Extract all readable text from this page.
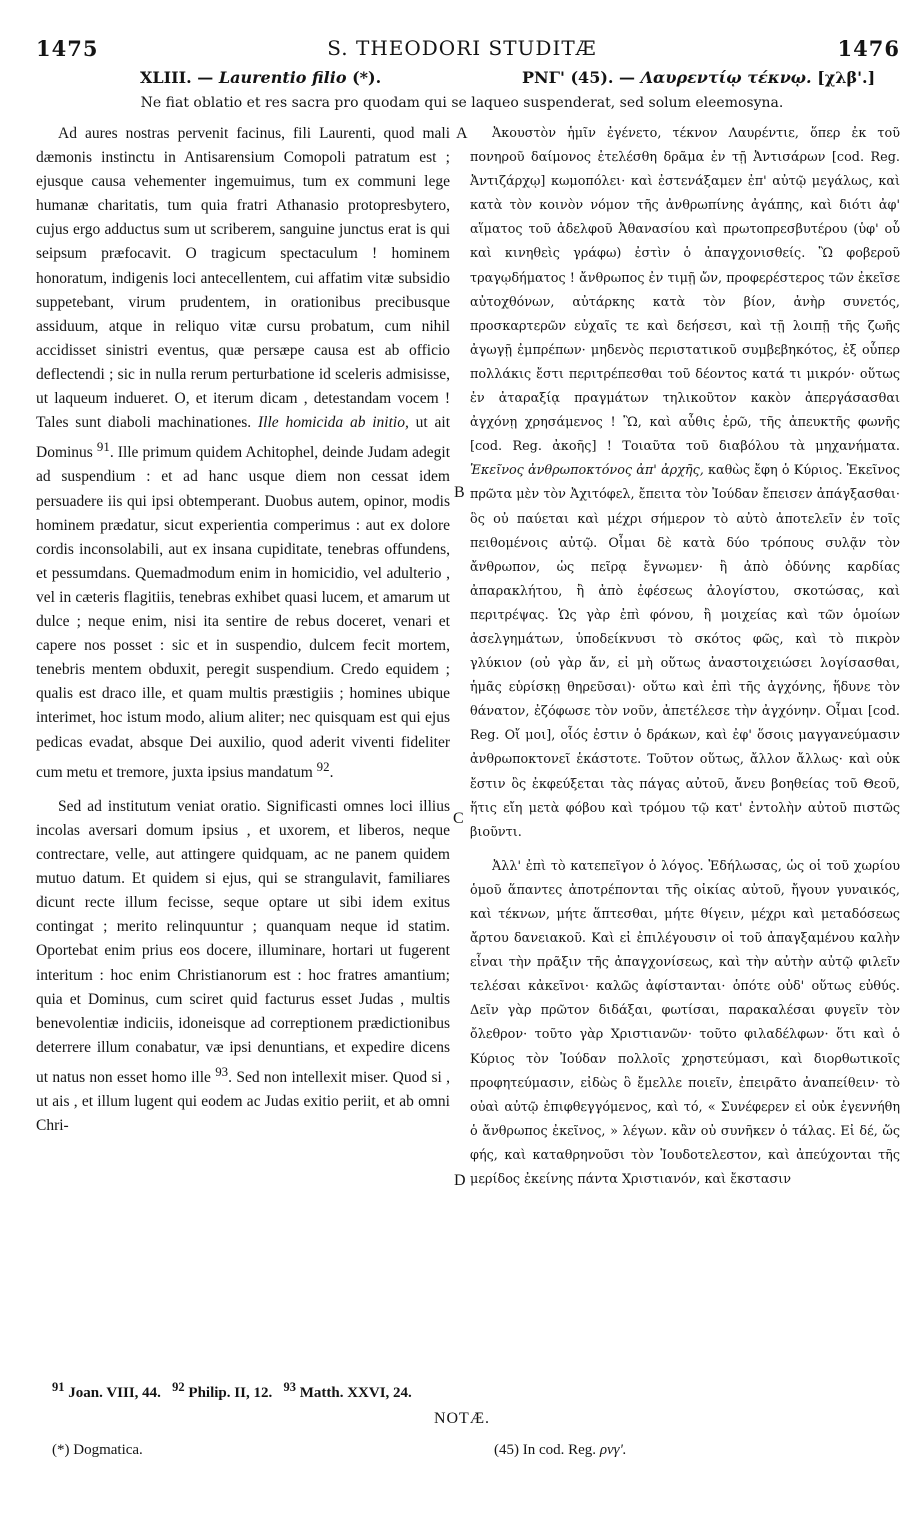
1475	S. THEODORI STUDITÆ	1476
XLIII. — Laurentio filio (*).	ΡΝΓ' (45). — Λαυρεντίῳ τέκνῳ. [χλβ'.]
Ne fiat oblatio et res sacra pro quodam qui se laqueo suspenderat, sed solum eleemosyna.

Ad aures nostras pervenit facinus, fili Laurenti, quod mali dæmonis instinctu in Antisarensium Comopoli patratum est ; ejusque causa vehementer ingemuimus, tum ex communi lege humanæ charitatis, tum quia fratri Athanasio protopresbytero, cujus ergo adductus sum ut scriberem, sanguine junctus erat is qui seipsum præfocavit. O tragicum spectaculum ! hominem honoratum, indigenis loci antecellentem, cui affatim vitæ subsidio suppetebant, virum prudentem, in orationibus precibusque assiduum, atque in reliquo vitæ cursu probatum, cum nihil accidisset sinistri eventus, quæ persæpe causa est ab officio deflectendi ; sic in nulla rerum perturbatione id sceleris admisisse, ut laqueum indueret. O, et iterum dicam , detestandam vocem ! Tales sunt diaboli machinationes. Ille homicida ab initio, ut ait Dominus $^{91}$. Ille primum quidem Achitophel, deinde Judam adegit ad suspendium : et ad hanc usque diem non cessat idem persuadere iis qui ipsi obtemperant. Duobus autem, opinor, modis hominem prædatur, sicut experientia comperimus : aut ex dolore cordis inconsolabili, aut ex insana cupiditate, tenebras offundens, et pessumdans. Quemadmodum enim in homicidio, vel adulterio , vel in cæteris flagitiis, tenebras exhibet quasi lucem, et amarum ut dulce ; neque enim, nisi ita sentire de rebus doceret, venari et capere nos posset : sic et in suspendio, dulcem fecit mortem, tenebris mentem obduxit, peregit suspendium. Credo equidem ; qualis est draco ille, et quam multis præstigiis ; homines ubique interimet, hoc istum modo, alium aliter; nec quisquam est qui ejus pedicas evadat, absque Dei auxilio, quod aderit viventi fideliter cum metu et tremore, juxta ipsius mandatum $^{92}$.

Sed ad institutum veniat oratio. Significasti omnes loci illius incolas aversari domum ipsius , et uxorem, et liberos, neque contrectare, velle, aut attingere quidquam, ac ne panem quidem mutuo datum. Et quidem si ejus, qui se strangulavit, familiares dicunt recte illum fecisse, seque optare ut sibi idem exitus contingat ; merito relinquuntur ; quanquam neque id statim. Oportebat enim prius eos docere, illuminare, hortari ut fugerent interitum : hoc enim Christianorum est : hoc fratres amantium; quia et Dominus, cum sciret quid facturus esset Judas , multis benevolentiæ indiciis, idoneisque ad correptionem prædictionibus deterrere illum conabatur, væ ipsi denuntians, et expedire dicens ut natus non esset homo ille $^{93}$. Sed non intellexit miser. Quod si , ut ais , et illum lugent qui eodem ac Judas exitio periit, et ab omni Chri-

A
B
C
D

Ἀκουστὸν ἡμῖν ἐγένετο, τέκνον Λαυρέντιε, ὅπερ ἐκ τοῦ πονηροῦ δαίμονος ἐτελέσθη δρᾶμα ἐν τῇ Ἀντισάρων [cod. Reg. Ἀντιζάρχῳ] κωμοπόλει· καὶ ἐστενάξαμεν ἐπ' αὐτῷ μεγάλως, καὶ κατὰ τὸν κοινὸν νόμον τῆς ἀνθρωπίνης ἀγάπης, καὶ διότι ἀφ' αἵματος τοῦ ἀδελφοῦ Ἀθανασίου καὶ πρωτοπρεσβυτέρου (ὑφ' οὗ καὶ κινηθεὶς γράφω) ἐστὶν ὁ ἀπαγχονισθείς. Ὢ φοβεροῦ τραγῳδήματος ! ἄνθρωπος ἐν τιμῇ ὤν, προφερέστερος τῶν ἐκεῖσε αὐτοχθόνων, αὐτάρκης κατὰ τὸν βίον, ἀνὴρ συνετός, προσκαρτερῶν εὐχαῖς τε καὶ δεήσεσι, καὶ τῇ λοιπῇ τῆς ζωῆς ἀγωγῇ ἐμπρέπων· μηδενὸς περιστατικοῦ συμβεβηκότος, ἐξ οὗπερ πολλάκις ἔστι περιτρέπεσθαι τοῦ δέοντος κατά τι μικρόν· οὕτως ἐν ἀταραξίᾳ πραγμάτων τηλικοῦτον κακὸν ἀπεργάσασθαι ἀγχόνῃ χρησάμενος ! Ὢ, καὶ αὖθις ἐρῶ, τῆς ἀπευκτῆς φωνῆς [cod. Reg. ἀκοῆς] ! Τοιαῦτα τοῦ διαβόλου τὰ μηχανήματα. Ἐκεῖνος ἀνθρωποκτόνος ἀπ' ἀρχῆς, καθὼς ἔφη ὁ Κύριος. Ἐκεῖνος πρῶτα μὲν τὸν Ἀχιτόφελ, ἔπειτα τὸν Ἰούδαν ἔπεισεν ἀπάγξασθαι· ὃς οὐ παύεται καὶ μέχρι σήμερον τὸ αὐτὸ ἀποτελεῖν ἐν τοῖς πειθομένοις αὐτῷ. Οἶμαι δὲ κατὰ δύο τρόπους συλᾷν τὸν ἄνθρωπον, ὡς πεῖρᾳ ἔγνωμεν· ἢ ἀπὸ ὀδύνης καρδίας ἀπαρακλήτου, ἢ ἀπὸ ἐφέσεως ἀλογίστου, σκοτώσας, καὶ περιτρέψας. Ὡς γὰρ ἐπὶ φόνου, ἢ μοιχείας καὶ τῶν ὁμοίων ἀσελγημάτων, ὑποδείκνυσι τὸ σκότος φῶς, καὶ τὸ πικρὸν γλύκιον (οὐ γὰρ ἄν, εἰ μὴ οὕτως ἀναστοιχειώσει λογίσασθαι, ἡμᾶς εὑρίσκῃ θηρεῦσαι)· οὕτω καὶ ἐπὶ τῆς ἀγχόνης, ἥδυνε τὸν θάνατον, ἐζόφωσε τὸν νοῦν, ἀπετέλεσε τὴν ἀγχόνην. Οἶμαι [cod. Reg. Οἴ μοι], οἷός ἐστιν ὁ δράκων, καὶ ἐφ' ὅσοις μαγγανεύμασιν ἀνθρωποκτονεῖ ἑκάστοτε. Τοῦτον οὕτως, ἄλλον ἄλλως· καὶ οὐκ ἔστιν ὃς ἐκφεύξεται τὰς πάγας αὐτοῦ, ἄνευ βοηθείας τοῦ Θεοῦ, ἥτις εἴη μετὰ φόβου καὶ τρόμου τῷ κατ' ἐντολὴν αὐτοῦ πιστῶς βιοῦντι.

Ἀλλ' ἐπὶ τὸ κατεπεῖγον ὁ λόγος. Ἐδήλωσας, ὡς οἱ τοῦ χωρίου ὁμοῦ ἅπαντες ἀποτρέπονται τῆς οἰκίας αὐτοῦ, ἤγουν γυναικός, καὶ τέκνων, μήτε ἅπτεσθαι, μήτε θίγειν, μέχρι καὶ μεταδόσεως ἄρτου δανειακοῦ. Καὶ εἰ ἐπιλέγουσιν οἱ τοῦ ἀπαγξαμένου καλὴν εἶναι τὴν πρᾶξιν τῆς ἀπαγχονίσεως, καὶ τὴν αὐτὴν αὐτῷ φιλεῖν τελέσαι κἀκεῖνοι· καλῶς ἀφίστανται· ὁπότε οὐδ' οὕτως εὐθύς. Δεῖν γὰρ πρῶτον διδάξαι, φωτίσαι, παρακαλέσαι φυγεῖν τὸν ὄλεθρον· τοῦτο γὰρ Χριστιανῶν· τοῦτο φιλαδέλφων· ὅτι καὶ ὁ Κύριος τὸν Ἰούδαν πολλοῖς χρηστεύμασι, καὶ διορθωτικοῖς προφητεύμασιν, εἰδὼς ὃ ἔμελλε ποιεῖν, ἐπειρᾶτο ἀναπείθειν· τὸ οὐαὶ αὐτῷ ἐπιφθεγγόμενος, καὶ τό, « Συνέφερεν εἰ οὐκ ἐγεννήθη ὁ ἄνθρωπος ἐκεῖνος, » λέγων. κἂν οὐ συνῆκεν ὁ τάλας. Εἰ δέ, ὥς φής, καὶ καταθρηνοῦσι τὸν Ἰουδοτελεστον, καὶ ἀπεύχονται τῆς μερίδος ἐκείνης πάντα Χριστιανόν, καὶ ἔκστασιν

$^{91}$ Joan. VIII, 44. $^{92}$ Philip. II, 12. $^{93}$ Matth. XXVI, 24.
NOTÆ.
(*) Dogmatica.	(45) In cod. Reg. ρνγ'.
